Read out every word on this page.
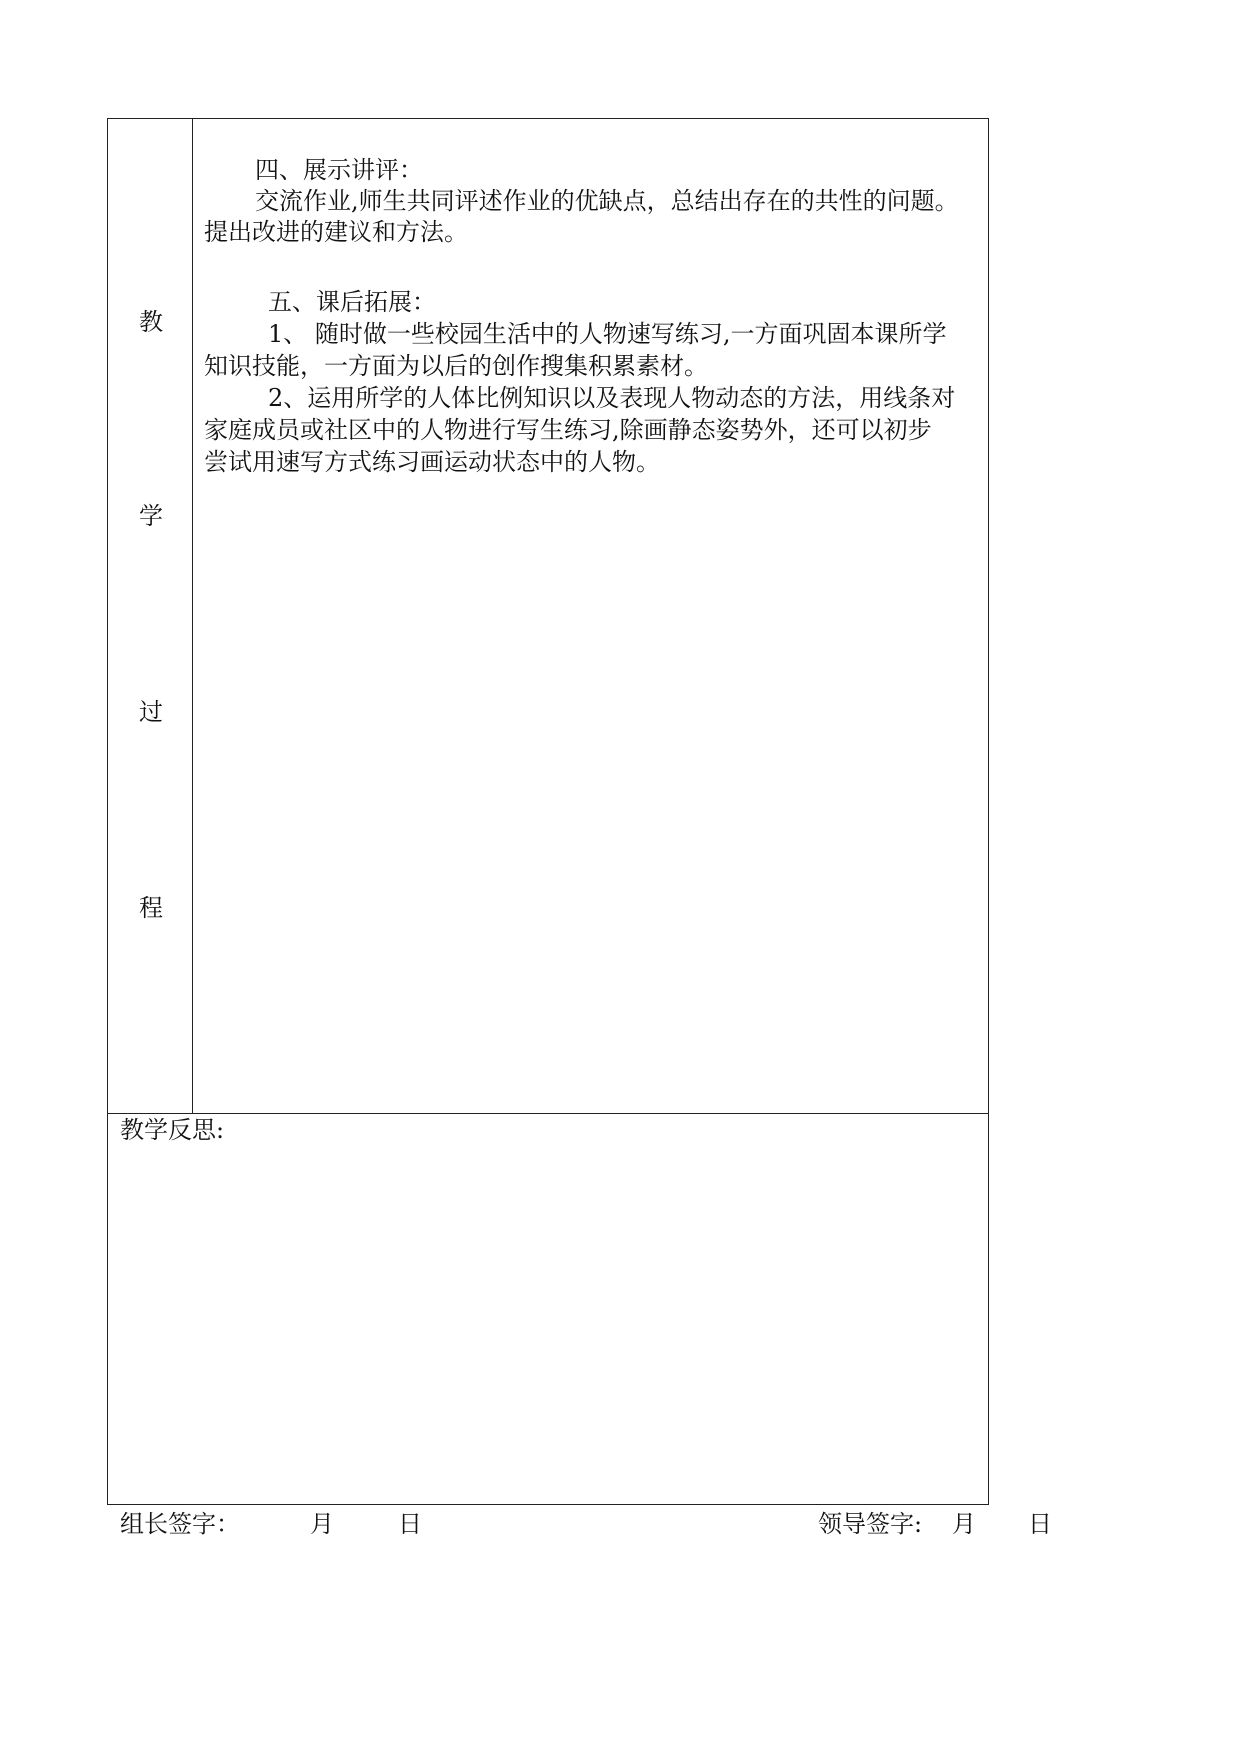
教
学
过
程
四、展示讲评：
交流作业,师生共同评述作业的优缺点，总结出存在的共性的问题。
提出改进的建议和方法。
五、课后拓展：
1、 随时做一些校园生活中的人物速写练习,一方面巩固本课所学
知识技能，一方面为以后的创作搜集积累素材。
2、运用所学的人体比例知识以及表现人物动态的方法，用线条对
家庭成员或社区中的人物进行写生练习,除画静态姿势外，还可以初步
尝试用速写方式练习画运动状态中的人物。
教学反思:
组长签字：	月	日	领导签字: 月 日
